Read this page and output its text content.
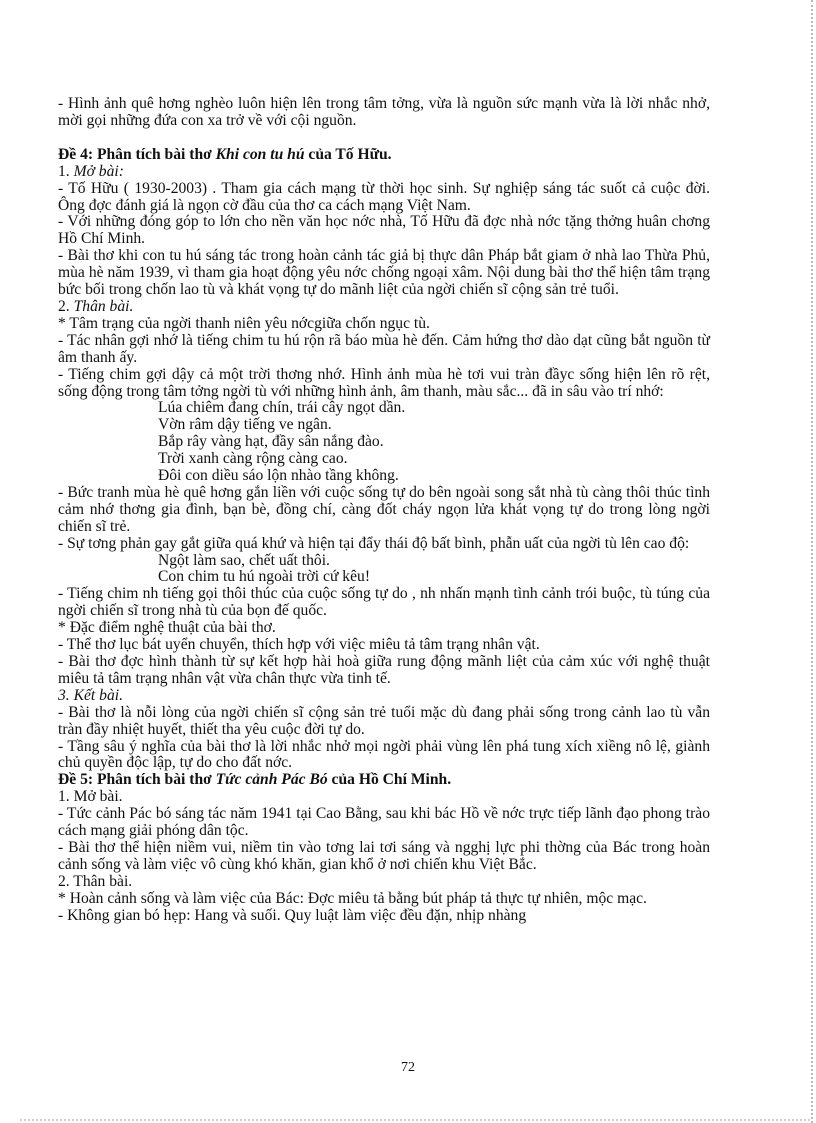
- Hình ảnh quê hơng nghèo luôn hiện lên trong tâm tởng, vừa là nguồn sức mạnh vừa là lời nhắc nhở, mời gọi những đứa con xa trở về với cội nguồn.
Đề 4: Phân tích bài thơ Khi con tu hú của Tố Hữu.
1. Mở bài:
- Tố Hữu ( 1930-2003) . Tham gia cách mạng từ thời học sinh. Sự nghiệp sáng tác suốt cả cuộc đời. Ông đợc đánh giá là ngọn cờ đầu của thơ ca cách mạng Việt Nam.
- Với những đóng góp to lớn cho nền văn học nớc nhà, Tố Hữu đã đợc nhà nớc tặng thởng huân chơng Hồ Chí Minh.
- Bài thơ khi con tu hú sáng tác trong hoàn cảnh tác giả bị thực dân Pháp bắt giam ở nhà lao Thừa Phủ, mùa hè năm 1939, vì tham gia hoạt động yêu nớc chống ngoại xâm. Nội dung bài thơ thể hiện tâm trạng bức bối trong chốn lao tù và khát vọng tự do mãnh liệt của ngời chiến sĩ cộng sản trẻ tuổi.
2. Thân bài.
* Tâm trạng của ngời thanh niên yêu nớcgiữa chốn ngục tù.
- Tác nhân gợi nhớ là tiếng chim tu hú rộn rã báo mùa hè đến. Cảm hứng thơ dào dạt cũng bắt nguồn từ âm thanh ấy.
- Tiếng chim gợi dậy cả một trời thơng nhớ. Hình ảnh mùa hè tơi vui tràn đầyc sống hiện lên rõ rệt, sống động trong tâm tởng ngời tù với những hình ảnh, âm thanh, màu sắc... đã in sâu vào trí nhớ:
Lúa chiêm đang chín, trái cây ngọt dần.
Vờn râm dậy tiếng ve ngân.
Bắp rây vàng hạt, đầy sân nắng đào.
Trời xanh càng rộng càng cao.
Đôi con diều sáo lộn nhào tầng không.
- Bức tranh mùa hè quê hơng gắn liền với cuộc sống tự do bên ngoài song sắt nhà tù càng thôi thúc tình cảm nhớ thơng gia đình, bạn bè, đồng chí, càng đốt cháy ngọn lửa khát vọng tự do trong lòng ngời chiến sĩ trẻ.
- Sự tơng phản gay gắt giữa quá khứ và hiện tại đẩy thái độ bất bình, phẫn uất của ngời tù lên cao độ:
Ngột làm sao, chết uất thôi.
Con chim tu hú ngoài trời cứ kêu!
- Tiếng chim nh tiếng gọi thôi thúc của cuộc sống tự do , nh nhấn mạnh tình cảnh trói buộc, tù túng của ngời chiến sĩ trong nhà tù của bọn đế quốc.
* Đặc điểm nghệ thuật của bài thơ.
- Thể thơ lục bát uyển chuyển, thích hợp với việc miêu tả tâm trạng nhân vật.
- Bài thơ đợc hình thành từ sự kết hợp hài hoà giữa rung động mãnh liệt của cảm xúc với nghệ thuật miêu tả tâm trạng nhân vật vừa chân thực vừa tinh tế.
3. Kết bài.
- Bài thơ là nỗi lòng của ngời chiến sĩ cộng sản trẻ tuổi mặc dù đang phải sống trong cảnh lao tù vẫn tràn đầy nhiệt huyết, thiết tha yêu cuộc đời tự do.
- Tầng sâu ý nghĩa của bài thơ là lời nhắc nhở mọi ngời phải vùng lên phá tung xích xiềng nô lệ, giành chủ quyền độc lập, tự do cho đất nớc.
Đề 5: Phân tích bài thơ Tức cảnh Pác Bó của Hồ Chí Minh.
1. Mở bài.
- Tức cảnh Pác bó sáng tác năm 1941 tại Cao Bằng, sau khi bác Hồ về nớc trực tiếp lãnh đạo phong trào cách mạng giải phóng dân tộc.
- Bài thơ thể hiện niềm vui, niềm tin vào tơng lai tơi sáng và ngghị lực phi thờng của Bác trong hoàn cảnh sống và làm việc vô cùng khó khăn, gian khổ ở nơi chiến khu Việt Bắc.
2. Thân bài.
* Hoàn cảnh sống và làm việc của Bác: Đợc miêu tả bằng bút pháp tả thực tự nhiên, mộc mạc.
- Không gian bó hẹp: Hang và suối. Quy luật làm việc đều đặn, nhịp nhàng
72
